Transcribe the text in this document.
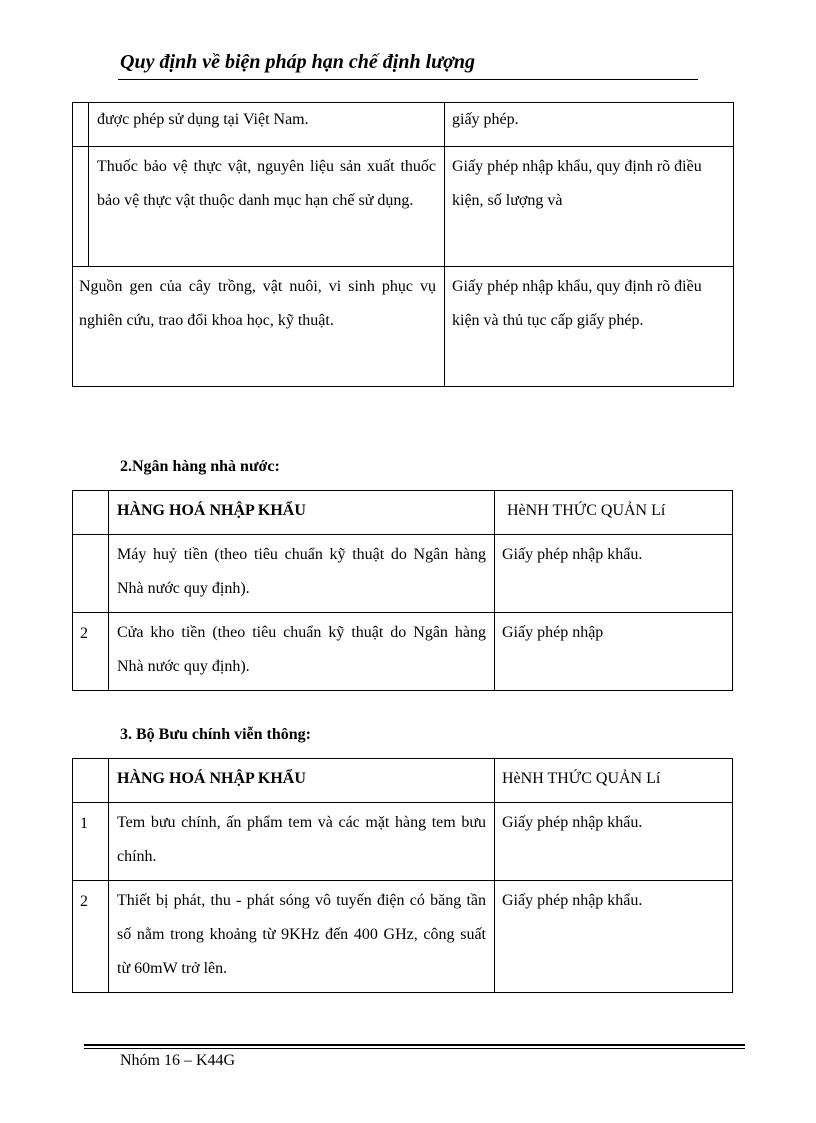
Quy định về biện pháp hạn chế định lượng

	được phép sử dụng tại Việt Nam.	giấy phép.

	Thuốc bảo vệ thực vật, nguyên liệu sản xuất thuốc bảo vệ thực vật thuộc danh mục hạn chế sử dụng.	Giấy phép nhập khẩu, quy định rõ điều kiện, số lượng và

Nguồn gen của cây trồng, vật nuôi, vi sinh phục vụ nghiên cứu, trao đổi khoa học, kỹ thuật.		Giấy phép nhập khẩu, quy định rõ điều kiện và thủ tục cấp giấy phép.
2.Ngân hàng nhà nước:

	HÀNG HOÁ NHẬP KHẨU	HèNH THỨC QUẢN Lí

	Máy huỷ tiền (theo tiêu chuẩn kỹ thuật do Ngân hàng Nhà nước quy định).	Giấy phép nhập khẩu.

2	Cửa kho tiền (theo tiêu chuẩn kỹ thuật do Ngân hàng Nhà nước quy định).	Giấy phép nhập
3. Bộ Bưu chính viễn thông:

	HÀNG HOÁ NHẬP KHẨU	HèNH THỨC QUẢN Lí

1	Tem bưu chính, ấn phẩm tem và các mặt hàng tem bưu chính.	Giấy phép nhập khẩu.

2	Thiết bị phát, thu - phát sóng vô tuyến điện có băng tần số nằm trong khoảng từ 9KHz đến 400 GHz, công suất từ 60mW trở lên.	Giấy phép nhập khẩu.
Nhóm 16 – K44G
